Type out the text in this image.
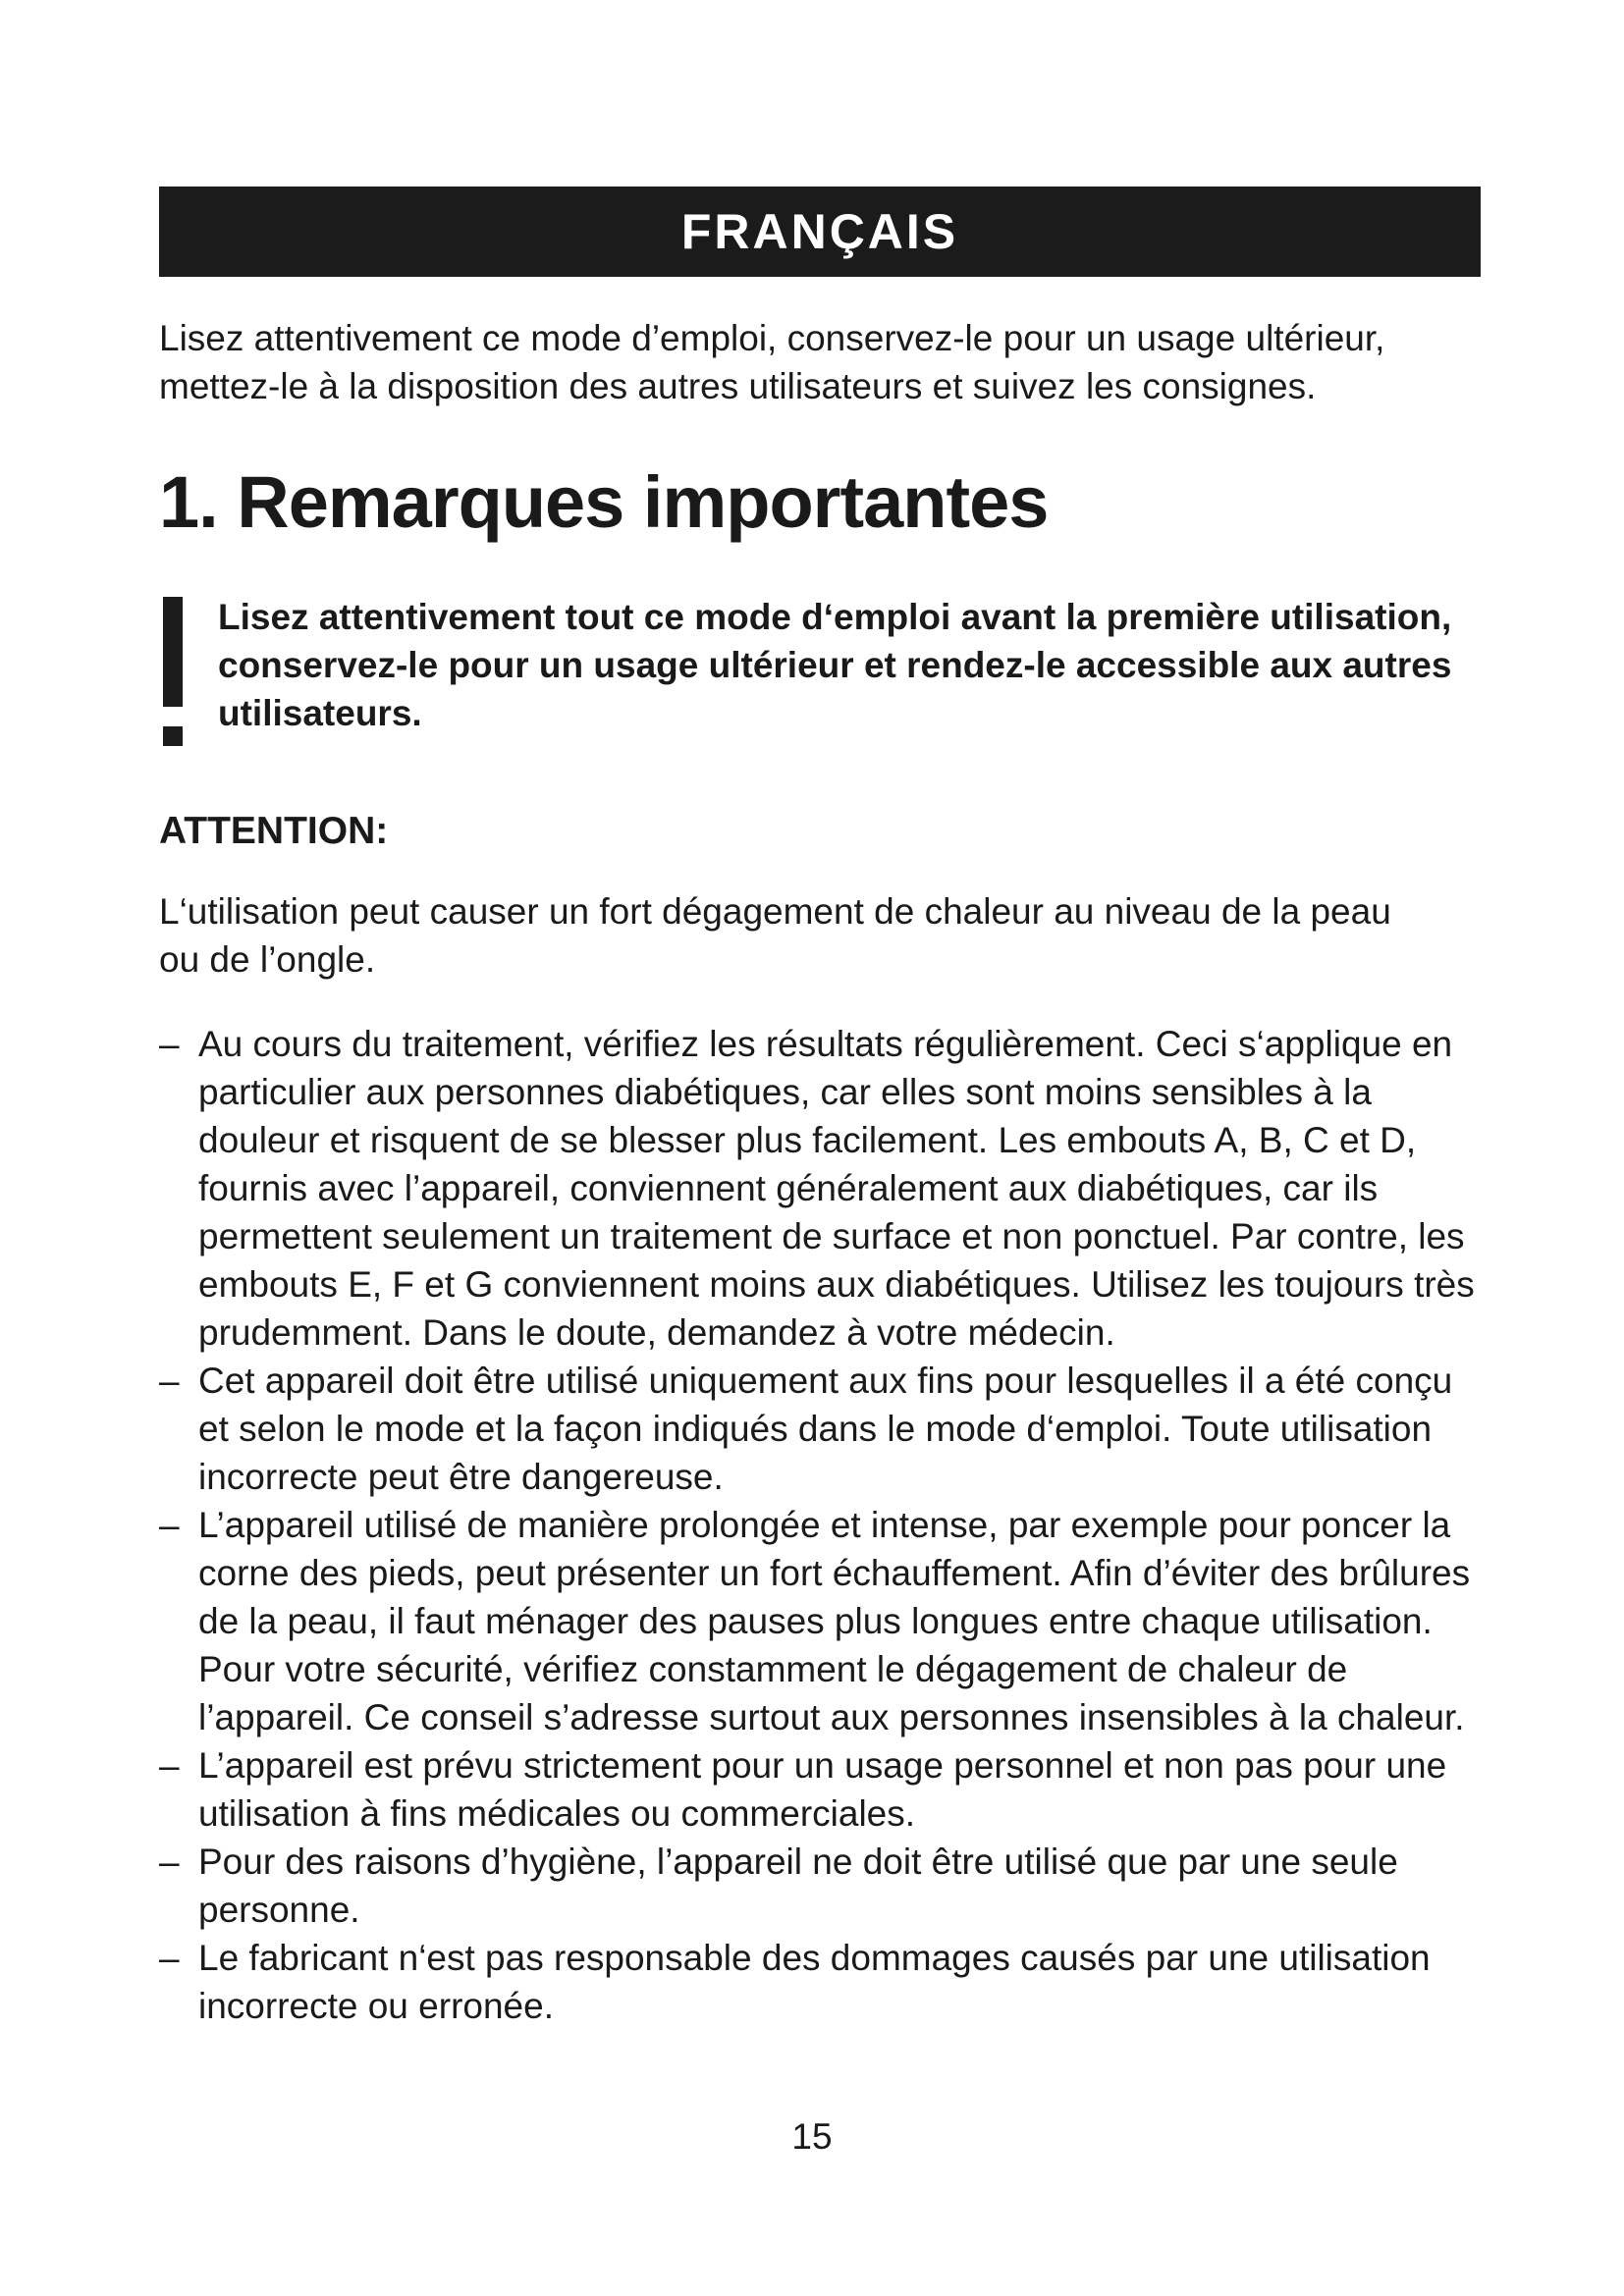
FRANÇAIS

Lisez attentivement ce mode d’emploi, conservez-le pour un usage ultérieur, mettez-le à la disposition des autres utilisateurs et suivez les consignes.

1. Remarques importantes
Lisez attentivement tout ce mode d‘emploi avant la première utilisation, conservez-le pour un usage ultérieur et rendez-le accessible aux autres utilisateurs.
ATTENTION:

L‘utilisation peut causer un fort dégagement de chaleur au niveau de la peau ou de l’ongle.

– Au cours du traitement, vérifiez les résultats régulièrement. Ceci s‘applique en particulier aux personnes diabétiques, car elles sont moins sensibles à la douleur et risquent de se blesser plus facilement. Les embouts A, B, C et D, fournis avec l’appareil, conviennent généralement aux diabétiques, car ils permettent seulement un traitement de surface et non ponctuel. Par contre, les embouts E, F et G conviennent moins aux diabétiques. Utilisez les toujours très prudemment. Dans le doute, demandez à votre médecin.
– Cet appareil doit être utilisé uniquement aux fins pour lesquelles il a été conçu et selon le mode et la façon indiqués dans le mode d‘emploi. Toute utilisation incorrecte peut être dangereuse.
– L’appareil utilisé de manière prolongée et intense, par exemple pour poncer la corne des pieds, peut présenter un fort échauffement. Afin d’éviter des brûlures de la peau, il faut ménager des pauses plus longues entre chaque utilisation. Pour votre sécurité, vérifiez constamment le dégagement de chaleur de l’appareil. Ce conseil s’adresse surtout aux personnes insensibles à la chaleur.
– L’appareil est prévu strictement pour un usage personnel et non pas pour une utilisation à fins médicales ou commerciales.
– Pour des raisons d’hygiène, l’appareil ne doit être utilisé que par une seule personne.
– Le fabricant n‘est pas responsable des dommages causés par une utilisation incorrecte ou erronée.
15
